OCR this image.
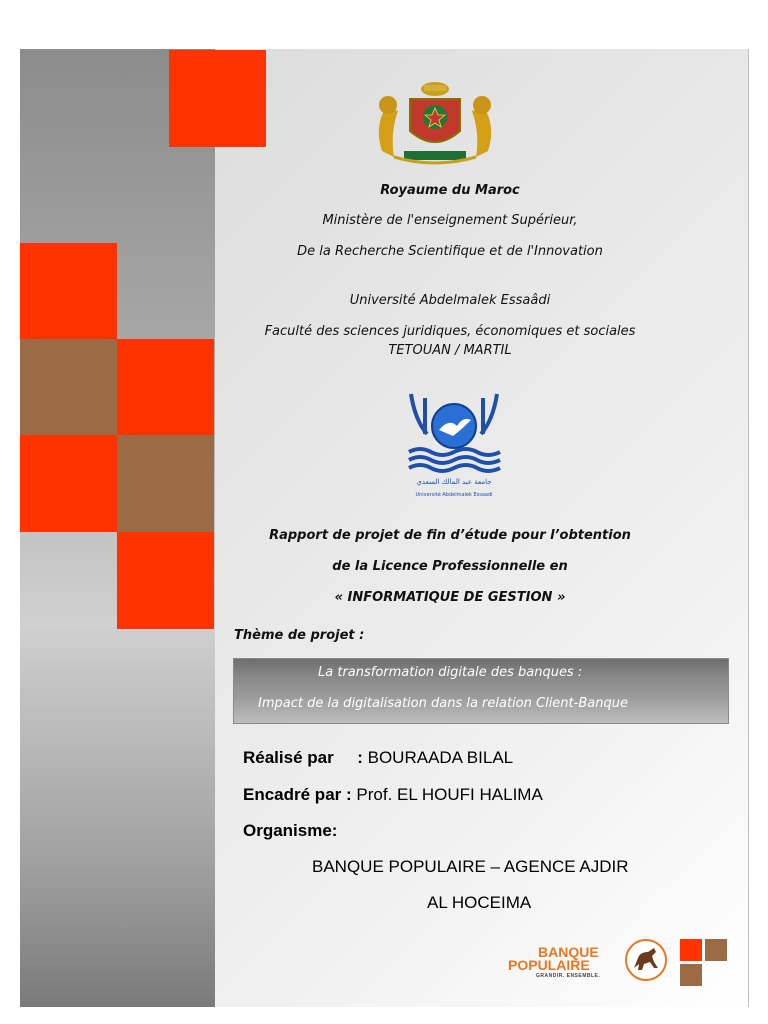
Royaume du Maroc
Ministère de l'enseignement Supérieur,
De la Recherche Scientifique et de l'Innovation
Université Abdelmalek Essaâdi
Faculté des sciences juridiques, économiques et sociales
TETOUAN / MARTIL
جامعة عبد المالك السعدي
Université Abdelmalek Essaadi
Rapport de projet de fin d’étude pour l’obtention
de la Licence Professionnelle en
« INFORMATIQUE DE GESTION »
Thème de projet :
La transformation digitale des banques :
Impact de la digitalisation dans la relation Client-Banque
Réalisé par : BOURAADA BILAL
Encadré par : Prof. EL HOUFI HALIMA
Organisme:
BANQUE POPULAIRE – AGENCE AJDIR
AL HOCEIMA
BANQUE
POPULAIRE
GRANDIR. ENSEMBLE.
